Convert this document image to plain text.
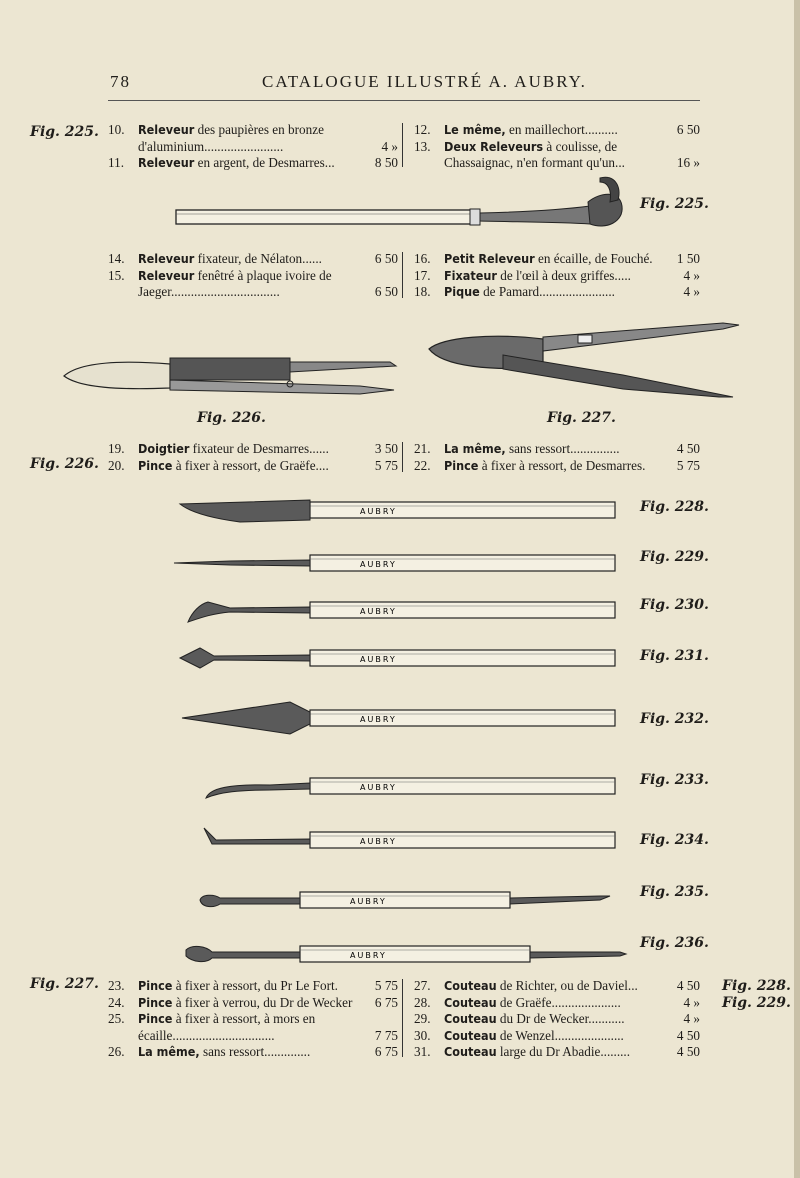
78	CATALOGUE ILLUSTRÉ A. AUBRY.
Fig. 225.
Fig. 226.
Fig. 227.	Fig. 228.
Fig. 229.
Fig. 226.	Fig. 227.
Fig. 225.
Fig. 228.
Fig. 229.
Fig. 230.
Fig. 231.
Fig. 232.
Fig. 233.
Fig. 234.
Fig. 235.
Fig. 236.
10.	Releveur des paupières en bronze
d'aluminium........................	4 »
11.	Releveur en argent, de Desmarres...	8 50
12.	Le même, en maillechort..........	6 50
13.	Deux Releveurs à coulisse, de
Chassaignac, n'en formant qu'un...	16 »
14.	Releveur fixateur, de Nélaton......	6 50
15.	Releveur fenêtré à plaque ivoire de
Jaeger.................................	6 50
16.	Petit Releveur en écaille, de Fouché. 1 50
17.	Fixateur de l'œil à deux griffes.....	4 »
18.	Pique de Pamard.......................	4 »
19.	Doigtier fixateur de Desmarres......	3 50
20.	Pince à fixer à ressort, de Graëfe....	5 75
21.	La même, sans ressort...............	4 50
22.	Pince à fixer à ressort, de Desmarres. 5 75
23.	Pince à fixer à ressort, du Pr Le Fort.	5 75
24.	Pince à fixer à verrou, du Dr de Wecker 6 75
25.	Pince à fixer à ressort, à mors en
écaille...............................	7 75
26.	La même, sans ressort..............	6 75
27.	Couteau de Richter, ou de Daviel...	4 50
28.	Couteau de Graëfe.....................	4 »
29.	Couteau du Dr de Wecker...........	4 »
30.	Couteau de Wenzel.....................	4 50
31.	Couteau large du Dr Abadie.........	4 50
AUBRY
AUBRY
AUBRY
AUBRY
AUBRY
AUBRY
AUBRY
AUBRY
AUBRY
